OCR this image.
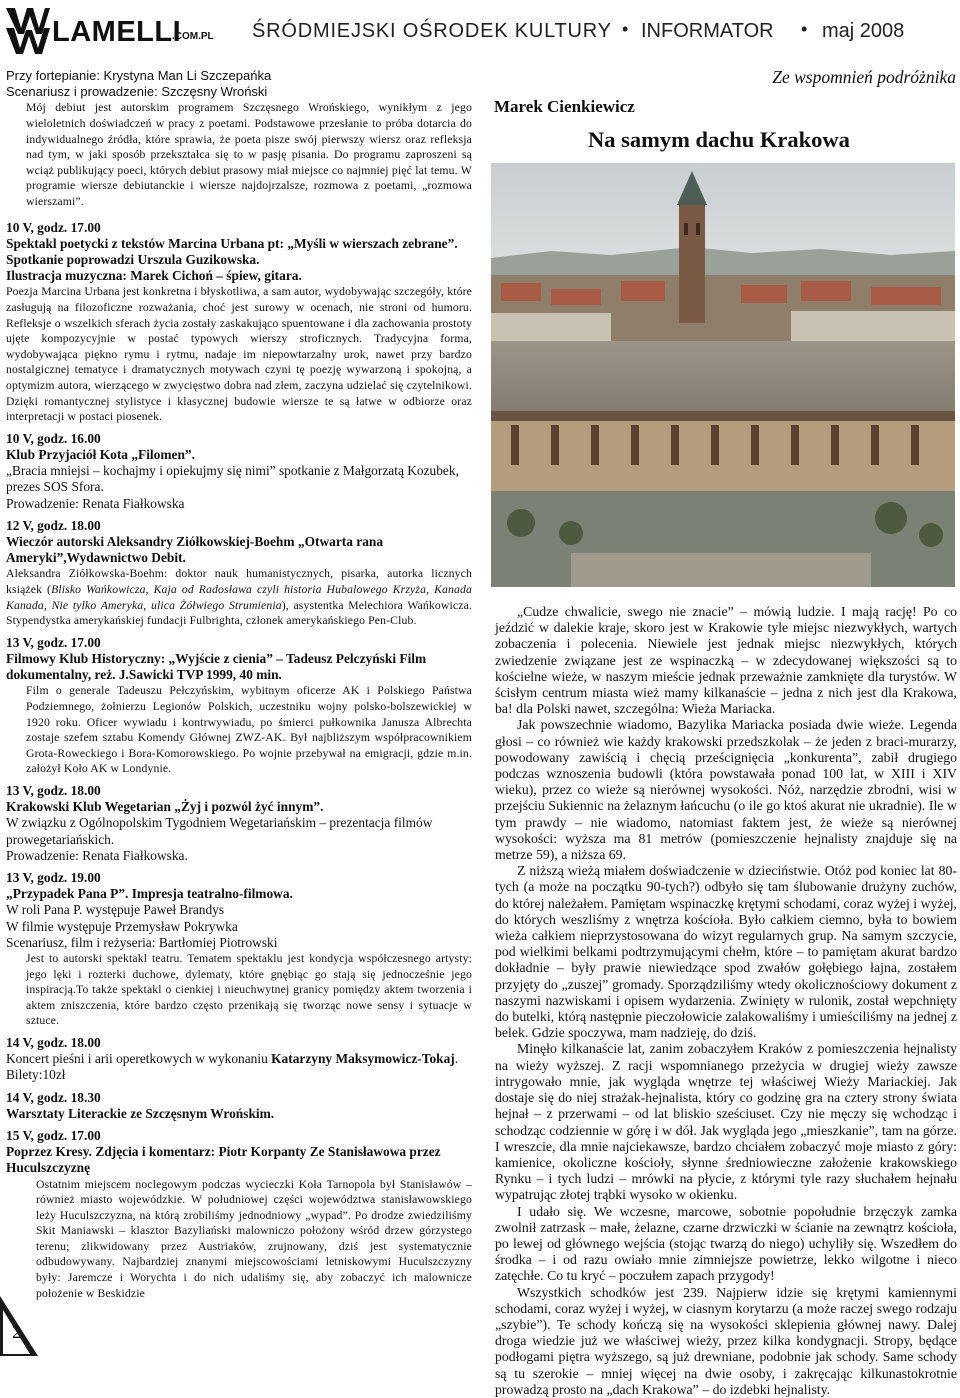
LAMELLI
.COM.PL ŚRÓDMIEJSKI OŚRODEK KULTURY • INFORMATOR • maj 2008

Przy fortepianie: Krystyna Man Li Szczepańka

Scenariusz i prowadzenie: Szczęsny Wroński

Mój debiut jest autorskim programem Szczęsnego Wrońskiego, wynikłym z jego wieloletnich doświadczeń w pracy z poetami. Podstawowe przesłanie to próba dotarcia do indywidualnego źródła, które sprawia, że poeta pisze swój pierwszy wiersz oraz refleksja nad tym, w jaki sposób przekształca się to w pasję pisania. Do programu zaproszeni są wciąż publikujący poeci, których debiut prasowy miał miejsce co najmniej pięć lat temu. W programie wiersze debiutanckie i wiersze najdojrzalsze, rozmowa z poetami, „rozmowa wierszami”.

10 V, godz. 17.00

Spektakl poetycki z tekstów Marcina Urbana pt: „Myśli w wierszach zebrane”. Spotkanie poprowadzi Urszula Guzikowska.

Ilustracja muzyczna: Marek Cichoń – śpiew, gitara.

Poezja Marcina Urbana jest konkretna i błyskotliwa, a sam autor, wydobywając szczegóły, które zasługują na filozoficzne rozważania, choć jest surowy w ocenach, nie stroni od humoru. Refleksje o wszelkich sferach życia zostały zaskakująco spuentowane i dla zachowania prostoty ujęte kompozycyjnie w postać typowych wierszy stroficznych. Tradycyjna forma, wydobywająca piękno rymu i rytmu, nadaje im niepowtarzalny urok, nawet przy bardzo nostalgicznej tematyce i dramatycznych motywach czyni tę poezję wywarzoną i spokojną, a optymizm autora, wierzącego w zwycięstwo dobra nad złem, zaczyna udzielać się czytelnikowi. Dzięki romantycznej stylistyce i klasycznej budowie wiersze te są łatwe w odbiorze oraz interpretacji w postaci piosenek.

10 V, godz. 16.00

Klub Przyjaciół Kota „Filomen”.

„Bracia mniejsi – kochajmy i opiekujmy się nimi” spotkanie z Małgorzatą Kozubek, prezes SOS Sfora.

Prowadzenie: Renata Fiałkowska

12 V, godz. 18.00

Wieczór autorski Aleksandry Ziółkowskiej-Boehm „Otwarta rana Ameryki”,Wydawnictwo Debit.

Aleksandra Ziółkowska-Boehm: doktor nauk humanistycznych, pisarka, autorka licznych książek (Blisko Wańkowicza, Kaja od Radosława czyli historia Hubalowego Krzyża, Kanada Kanada, Nie tylko Ameryka, ulica Żółwiego Strumienia), asystentka Melechiora Wańkowicza. Stypendystka amerykańskiej fundacji Fulbrighta, członek amerykańskiego Pen-Club.

13 V, godz. 17.00

Filmowy Klub Historyczny: „Wyjście z cienia” – Tadeusz Pelczyński Film dokumentalny, reż. J.Sawicki TVP 1999, 40 min.

Film o generale Tadeuszu Pełczyńskim, wybitnym oficerze AK i Polskiego Państwa Podziemnego, żołnierzu Legionów Polskich, uczestniku wojny polsko-bolszewickiej w 1920 roku. Oficer wywiadu i kontrwywiadu, po śmierci pułkownika Janusza Albrechta zostaje szefem sztabu Komendy Głównej ZWZ-AK. Był najbliższym współpracownikiem Grota-Roweckiego i Bora-Komorowskiego. Po wojnie przebywał na emigracji, gdzie m.in. założył Koło AK w Londynie.

13 V, godz. 18.00

Krakowski Klub Wegetarian „Żyj i pozwól żyć innym”.

W związku z Ogólnopolskim Tygodniem Wegetariańskim – prezentacja filmów prowegetariańskich.

Prowadzenie: Renata Fiałkowska.

13 V, godz. 19.00

„Przypadek Pana P”. Impresja teatralno-filmowa.

W roli Pana P. występuje Paweł Brandys

W filmie występuje Przemysław Pokrywka

Scenariusz, film i reżyseria: Bartłomiej Piotrowski

Jest to autorski spektakl teatru. Tematem spektaklu jest kondycja współczesnego artysty: jego lęki i rozterki duchowe, dylematy, które gnębiąc go stają się jednocześnie jego inspiracją.To także spektakl o cienkiej i nieuchwytnej granicy pomiędzy aktem tworzenia i aktem zniszczenia, które bardzo często przenikają się tworząc nowe sensy i sytuacje w sztuce.

14 V, godz. 18.00

Koncert pieśni i arii operetkowych w wykonaniu Katarzyny Maksymowicz-Tokaj. Bilety:10zł

14 V, godz. 18.30

Warsztaty Literackie ze Szczęsnym Wrońskim.

15 V, godz. 17.00

Poprzez Kresy. Zdjęcia i komentarz: Piotr Korpanty Ze Stanisławowa przez Huculszczyznę

Ostatnim miejscem noclegowym podczas wycieczki Koła Tarnopola był Stanisławów – również miasto wojewódzkie. W południowej części województwa stanisławowskiego leży Huculszczyzna, na którą zrobiliśmy jednodniowy „wypad”. Po drodze zwiedziliśmy Skit Maniawski – klasztor Bazyliański malowniczo położony wśród drzew górzystego terenu; zlikwidowany przez Austriaków, zrujnowany, dziś jest systematycznie odbudowywany. Najbardziej znanymi miejscowościami letniskowymi Huculszczyzny były: Jaremcze i Worychta i do nich udaliśmy się, aby zobaczyć ich malownicze położenie w Beskidzie

Ze wspomnień podróżnika
Marek Cienkiewicz
Na samym dachu Krakowa

„Cudze chwalicie, swego nie znacie” – mówią ludzie. I mają rację! Po co jeździć w dalekie kraje, skoro jest w Krakowie tyle miejsc niezwykłych, wartych zobaczenia i polecenia. Niewiele jest jednak miejsc niezwykłych, których zwiedzenie związane jest ze wspinaczką – w zdecydowanej większości są to kościelne wieże, w naszym mieście jednak przeważnie zamknięte dla turystów. W ścisłym centrum miasta wież mamy kilkanaście – jedna z nich jest dla Krakowa, ba! dla Polski nawet, szczególna: Wieża Mariacka.

Jak powszechnie wiadomo, Bazylika Mariacka posiada dwie wieże. Legenda głosi – co również wie każdy krakowski przedszkolak – że jeden z braci-murarzy, powodowany zawiścią i chęcią prześcignięcia „konkurenta”, zabił drugiego podczas wznoszenia budowli (która powstawała ponad 100 lat, w XIII i XIV wieku), przez co wieże są nierównej wysokości. Nóż, narzędzie zbrodni, wisi w przejściu Sukiennic na żelaznym łańcuchu (o ile go ktoś akurat nie ukradnie). Ile w tym prawdy – nie wiadomo, natomiast faktem jest, że wieże są nierównej wysokości: wyższa ma 81 metrów (pomieszczenie hejnalisty znajduje się na metrze 59), a niższa 69.

Z niższą wieżą miałem doświadczenie w dzieciństwie. Otóż pod koniec lat 80-tych (a może na początku 90-tych?) odbyło się tam ślubowanie drużyny zuchów, do której należałem. Pamiętam wspinaczkę krętymi schodami, coraz wyżej i wyżej, do których weszliśmy z wnętrza kościoła. Było całkiem ciemno, była to bowiem wieża całkiem nieprzystosowana do wizyt regularnych grup. Na samym szczycie, pod wielkimi belkami podtrzymującymi chełm, które – to pamiętam akurat bardzo dokładnie – były prawie niewiedzące spod zwałów gołębiego łajna, zostałem przyjęty do „zuszej” gromady. Sporządziliśmy wtedy okolicznościowy dokument z naszymi nazwiskami i opisem wydarzenia. Zwinięty w rulonik, został wepchnięty do butelki, którą następnie pieczołowicie zalakowaliśmy i umieściliśmy na jednej z belek. Gdzie spoczywa, mam nadzieję, do dziś.

Minęło kilkanaście lat, zanim zobaczyłem Kraków z pomieszczenia hejnalisty na wieży wyższej. Z racji wspomnianego przeżycia w drugiej wieży zawsze intrygowało mnie, jak wygląda wnętrze tej właściwej Wieży Mariackiej. Jak dostaje się do niej strażak-hejnalista, który co godzinę gra na cztery strony świata hejnał – z przerwami – od lat bliskio sześciuset. Czy nie męczy się wchodząc i schodząc codziennie w górę i w dół. Jak wygląda jego „mieszkanie”, tam na górze. I wreszcie, dla mnie najciekawsze, bardzo chciałem zobaczyć moje miasto z góry: kamienice, okoliczne kościoły, słynne średniowieczne założenie krakowskiego Rynku – i tych ludzi – mrówki na płycie, z którymi tyle razy słuchałem hejnału wypatrując złotej trąbki wysoko w okienku.

I udało się. We wczesne, marcowe, sobotnie popołudnie brzęczyk zamka zwolnił zatrzask – małe, żelazne, czarne drzwiczki w ścianie na zewnątrz kościoła, po lewej od głównego wejścia (stojąc twarzą do niego) uchyliły się. Wszedłem do środka – i od razu owiało mnie zimniejsze powietrze, lekko wilgotne i nieco zatęchłe. Co tu kryć – poczułem zapach przygody!

Wszystkich schodków jest 239. Najpierw idzie się krętymi kamiennymi schodami, coraz wyżej i wyżej, w ciasnym korytarzu (a może raczej swego rodzaju „szybie”). Te schody kończą się na wysokości sklepienia głównej nawy. Dalej droga wiedzie już we właściwej wieży, przez kilka kondygnacji. Stropy, będące podłogami piętra wyższego, są już drewniane, podobnie jak schody. Same schody są tu szerokie – mniej więcej na dwie osoby, i zakręcając kilkunastokrotnie prowadzą prosto na „dach Krakowa” – do izdebki hejnalisty.

2
